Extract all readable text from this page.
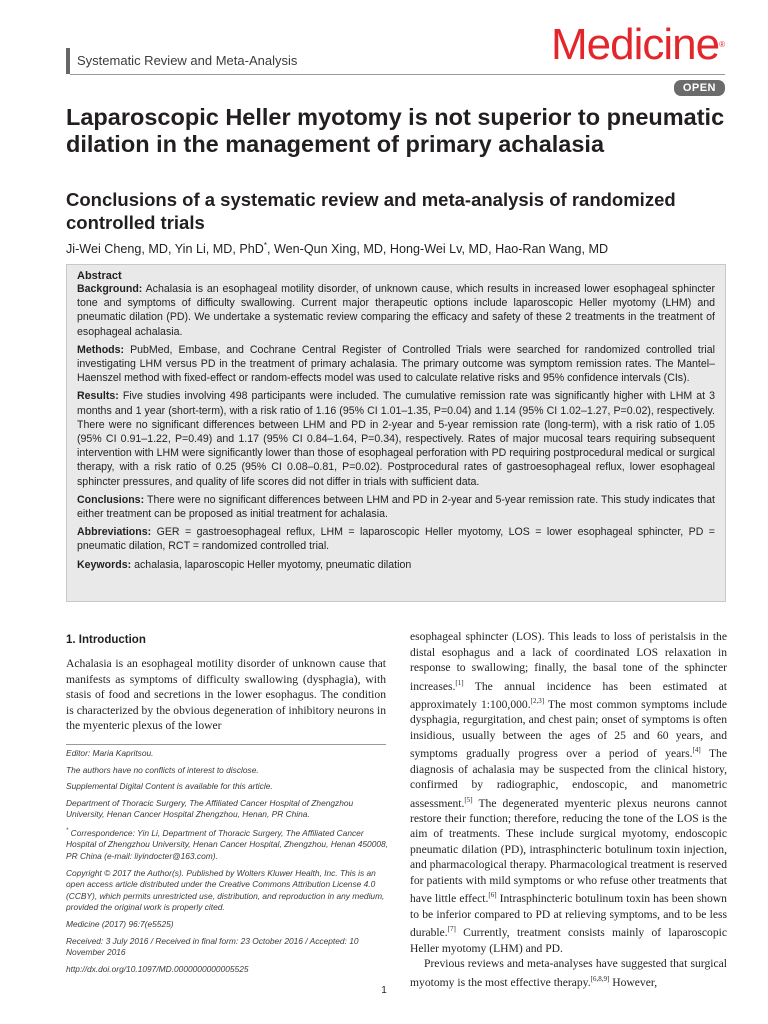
Systematic Review and Meta-Analysis	Medicine®
OPEN
Laparoscopic Heller myotomy is not superior to pneumatic dilation in the management of primary achalasia
Conclusions of a systematic review and meta-analysis of randomized controlled trials
Ji-Wei Cheng, MD, Yin Li, MD, PhD*, Wen-Qun Xing, MD, Hong-Wei Lv, MD, Hao-Ran Wang, MD
Abstract

Background: Achalasia is an esophageal motility disorder, of unknown cause, which results in increased lower esophageal sphincter tone and symptoms of difficulty swallowing. Current major therapeutic options include laparoscopic Heller myotomy (LHM) and pneumatic dilation (PD). We undertake a systematic review comparing the efficacy and safety of these 2 treatments in the treatment of esophageal achalasia.

Methods: PubMed, Embase, and Cochrane Central Register of Controlled Trials were searched for randomized controlled trial investigating LHM versus PD in the treatment of primary achalasia. The primary outcome was symptom remission rates. The Mantel–Haenszel method with fixed-effect or random-effects model was used to calculate relative risks and 95% confidence intervals (CIs).

Results: Five studies involving 498 participants were included. The cumulative remission rate was significantly higher with LHM at 3 months and 1 year (short-term), with a risk ratio of 1.16 (95% CI 1.01–1.35, P=0.04) and 1.14 (95% CI 1.02–1.27, P=0.02), respectively. There were no significant differences between LHM and PD in 2-year and 5-year remission rate (long-term), with a risk ratio of 1.05 (95% CI 0.91–1.22, P=0.49) and 1.17 (95% CI 0.84–1.64, P=0.34), respectively. Rates of major mucosal tears requiring subsequent intervention with LHM were significantly lower than those of esophageal perforation with PD requiring postprocedural medical or surgical therapy, with a risk ratio of 0.25 (95% CI 0.08–0.81, P=0.02). Postprocedural rates of gastroesophageal reflux, lower esophageal sphincter pressures, and quality of life scores did not differ in trials with sufficient data.

Conclusions: There were no significant differences between LHM and PD in 2-year and 5-year remission rate. This study indicates that either treatment can be proposed as initial treatment for achalasia.

Abbreviations: GER = gastroesophageal reflux, LHM = laparoscopic Heller myotomy, LOS = lower esophageal sphincter, PD = pneumatic dilation, RCT = randomized controlled trial.

Keywords: achalasia, laparoscopic Heller myotomy, pneumatic dilation

1. Introduction

Achalasia is an esophageal motility disorder of unknown cause that manifests as symptoms of difficulty swallowing (dysphagia), with stasis of food and secretions in the lower esophagus. The condition is characterized by the obvious degeneration of inhibitory neurons in the myenteric plexus of the lower

Editor: Maria Kapritsou.

The authors have no conflicts of interest to disclose.

Supplemental Digital Content is available for this article.

Department of Thoracic Surgery, The Affiliated Cancer Hospital of Zhengzhou University, Henan Cancer Hospital Zhengzhou, Henan, PR China.

* Correspondence: Yin Li, Department of Thoracic Surgery, The Affiliated Cancer Hospital of Zhengzhou University, Henan Cancer Hospital, Zhengzhou, Henan 450008, PR China (e-mail: liyindocter@163.com).

Copyright © 2017 the Author(s). Published by Wolters Kluwer Health, Inc. This is an open access article distributed under the Creative Commons Attribution License 4.0 (CCBY), which permits unrestricted use, distribution, and reproduction in any medium, provided the original work is properly cited.

Medicine (2017) 96:7(e5525)

Received: 3 July 2016 / Received in final form: 23 October 2016 / Accepted: 10 November 2016

http://dx.doi.org/10.1097/MD.0000000000005525

esophageal sphincter (LOS). This leads to loss of peristalsis in the distal esophagus and a lack of coordinated LOS relaxation in response to swallowing; finally, the basal tone of the sphincter increases.[1] The annual incidence has been estimated at approximately 1:100,000.[2,3] The most common symptoms include dysphagia, regurgitation, and chest pain; onset of symptoms is often insidious, usually between the ages of 25 and 60 years, and symptoms gradually progress over a period of years.[4] The diagnosis of achalasia may be suspected from the clinical history, confirmed by radiographic, endoscopic, and manometric assessment.[5] The degenerated myenteric plexus neurons cannot restore their function; therefore, reducing the tone of the LOS is the aim of treatments. These include surgical myotomy, endoscopic pneumatic dilation (PD), intrasphincteric botulinum toxin injection, and pharmacological therapy. Pharmacological treatment is reserved for patients with mild symptoms or who refuse other treatments that have little effect.[6] Intrasphincteric botulinum toxin has been shown to be inferior compared to PD at relieving symptoms, and to be less durable.[7] Currently, treatment consists mainly of laparoscopic Heller myotomy (LHM) and PD.

Previous reviews and meta-analyses have suggested that surgical myotomy is the most effective therapy.[6,8,9] However,

1
